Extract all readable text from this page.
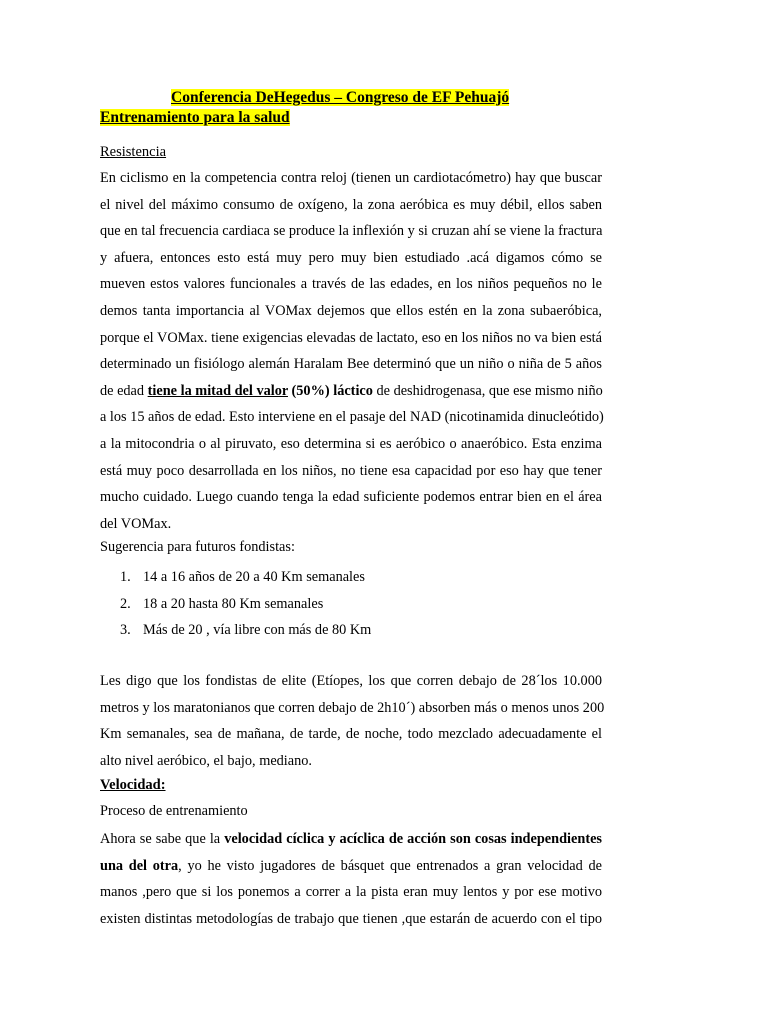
Conferencia DeHegedus – Congreso de EF Pehuajó
Entrenamiento para la salud
Resistencia
En ciclismo en la competencia contra reloj (tienen un cardiotacómetro) hay que buscar
el nivel del máximo consumo de oxígeno, la zona aeróbica es muy débil, ellos saben
que en tal frecuencia cardiaca se produce la inflexión y si cruzan ahí se viene la fractura
y afuera, entonces esto está muy pero muy bien estudiado .acá digamos cómo se
mueven estos valores funcionales a través de las edades, en los niños pequeños no le
demos tanta importancia al VOMax dejemos que ellos estén en la zona subaeróbica,
porque el VOMax. tiene exigencias elevadas de lactato, eso en los niños no va bien está
determinado un fisiólogo alemán Haralam Bee determinó que un niño o niña de 5 años
de edad tiene la mitad del valor (50%) láctico de deshidrogenasa, que ese mismo niño
a los 15 años de edad. Esto interviene en el pasaje del NAD (nicotinamida dinucleótido)
a la mitocondria o al piruvato, eso determina si es aeróbico o anaeróbico. Esta enzima
está muy poco desarrollada en los niños, no tiene esa capacidad por eso hay que tener
mucho cuidado. Luego cuando tenga la edad suficiente podemos entrar bien en el área
del VOMax.
Sugerencia para futuros fondistas:
1. 14 a 16 años de 20 a 40 Km semanales
2. 18 a 20 hasta 80 Km semanales
3. Más de 20 , vía libre con más de 80 Km
Les digo que los fondistas de elite (Etíopes, los que corren debajo de 28´los 10.000
metros y los maratonianos que corren debajo de 2h10´) absorben más o menos unos 200
Km semanales, sea de mañana, de tarde, de noche, todo mezclado adecuadamente el
alto nivel aeróbico, el bajo, mediano.
Velocidad:
Proceso de entrenamiento
Ahora se sabe que la velocidad cíclica y acíclica de acción son cosas independientes
una del otra, yo he visto jugadores de básquet que entrenados a gran velocidad de
manos ,pero que si los ponemos a correr a la pista eran muy lentos y por ese motivo
existen distintas metodologías de trabajo que tienen ,que estarán de acuerdo con el tipo
